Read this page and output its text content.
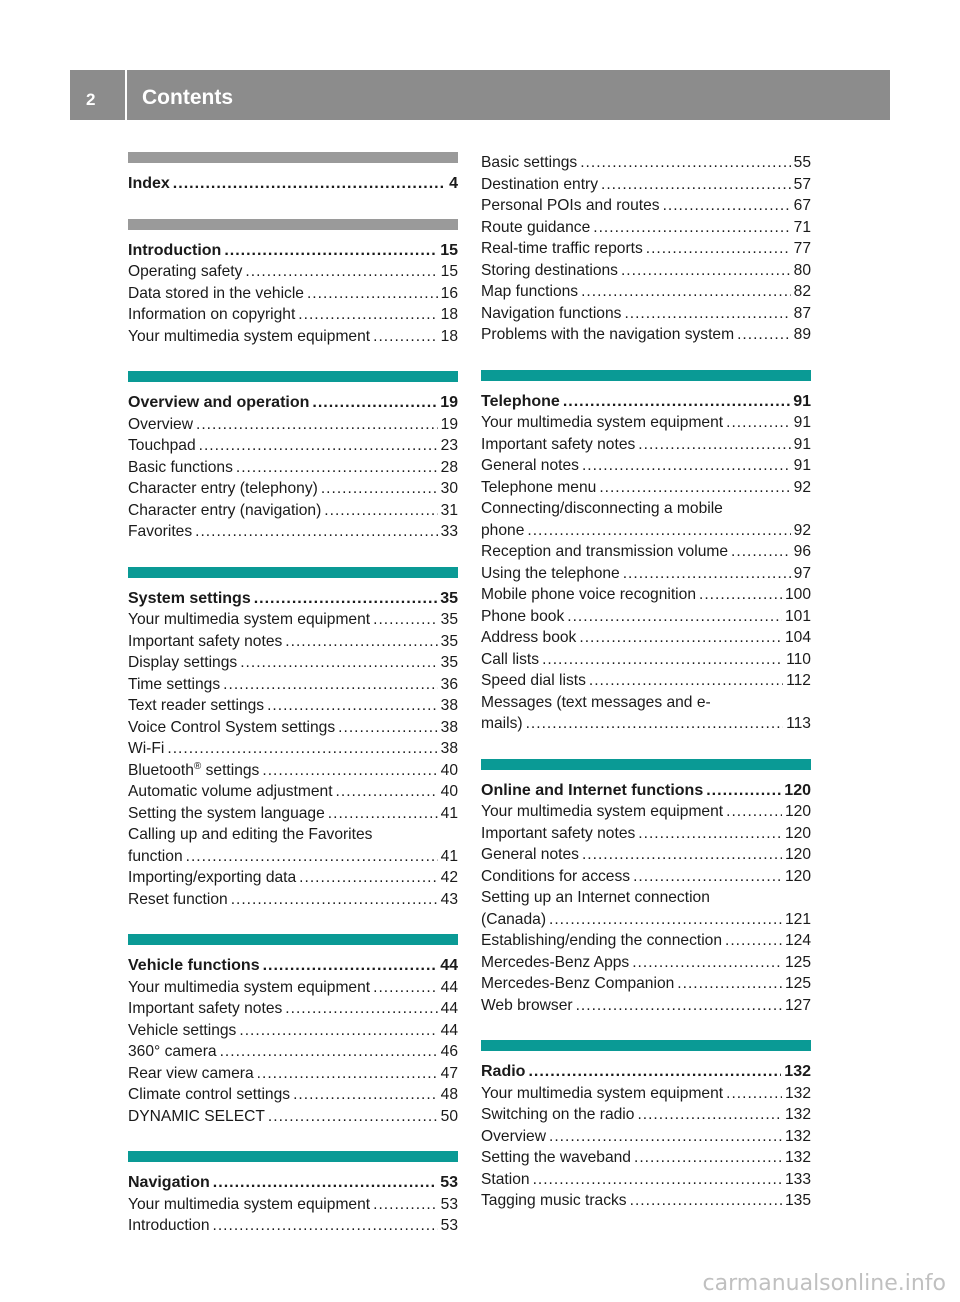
2 Contents
Index .....	4
Introduction .....	15
Operating safety .....	15
Data stored in the vehicle .....	16
Information on copyright .....	18
Your multimedia system equipment .....	18
Overview and operation .....	19
Overview .....	19
Touchpad .....	23
Basic functions .....	28
Character entry (telephony) .....	30
Character entry (navigation) .....	31
Favorites .....	33
System settings .....	35
Your multimedia system equipment .....	35
Important safety notes .....	35
Display settings .....	35
Time settings .....	36
Text reader settings .....	38
Voice Control System settings .....	38
Wi-Fi .....	38
Bluetooth® settings .....	40
Automatic volume adjustment .....	40
Setting the system language .....	41
Calling up and editing the Favorites
function .....	41
Importing/exporting data .....	42
Reset function .....	43
Vehicle functions .....	44
Your multimedia system equipment .....	44
Important safety notes .....	44
Vehicle settings .....	44
360° camera .....	46
Rear view camera .....	47
Climate control settings .....	48
DYNAMIC SELECT .....	50
Navigation .....	53
Your multimedia system equipment .....	53
Introduction .....	53
Basic settings .....	55
Destination entry .....	57
Personal POIs and routes .....	67
Route guidance .....	71
Real-time traffic reports .....	77
Storing destinations .....	80
Map functions .....	82
Navigation functions .....	87
Problems with the navigation system .....	89
Telephone .....	91
Your multimedia system equipment .....	91
Important safety notes .....	91
General notes .....	91
Telephone menu .....	92
Connecting/disconnecting a mobile
phone .....	92
Reception and transmission volume .....	96
Using the telephone .....	97
Mobile phone voice recognition .....	100
Phone book .....	101
Address book .....	104
Call lists .....	110
Speed dial lists .....	112
Messages (text messages and e-
mails) .....	113
Online and Internet functions .....	120
Your multimedia system equipment .....	120
Important safety notes .....	120
General notes .....	120
Conditions for access .....	120
Setting up an Internet connection
(Canada) .....	121
Establishing/ending the connection .....	124
Mercedes-Benz Apps .....	125
Mercedes-Benz Companion .....	125
Web browser .....	127
Radio .....	132
Your multimedia system equipment .....	132
Switching on the radio .....	132
Overview .....	132
Setting the waveband .....	132
Station .....	133
Tagging music tracks .....	135
carmanualsonline.info
